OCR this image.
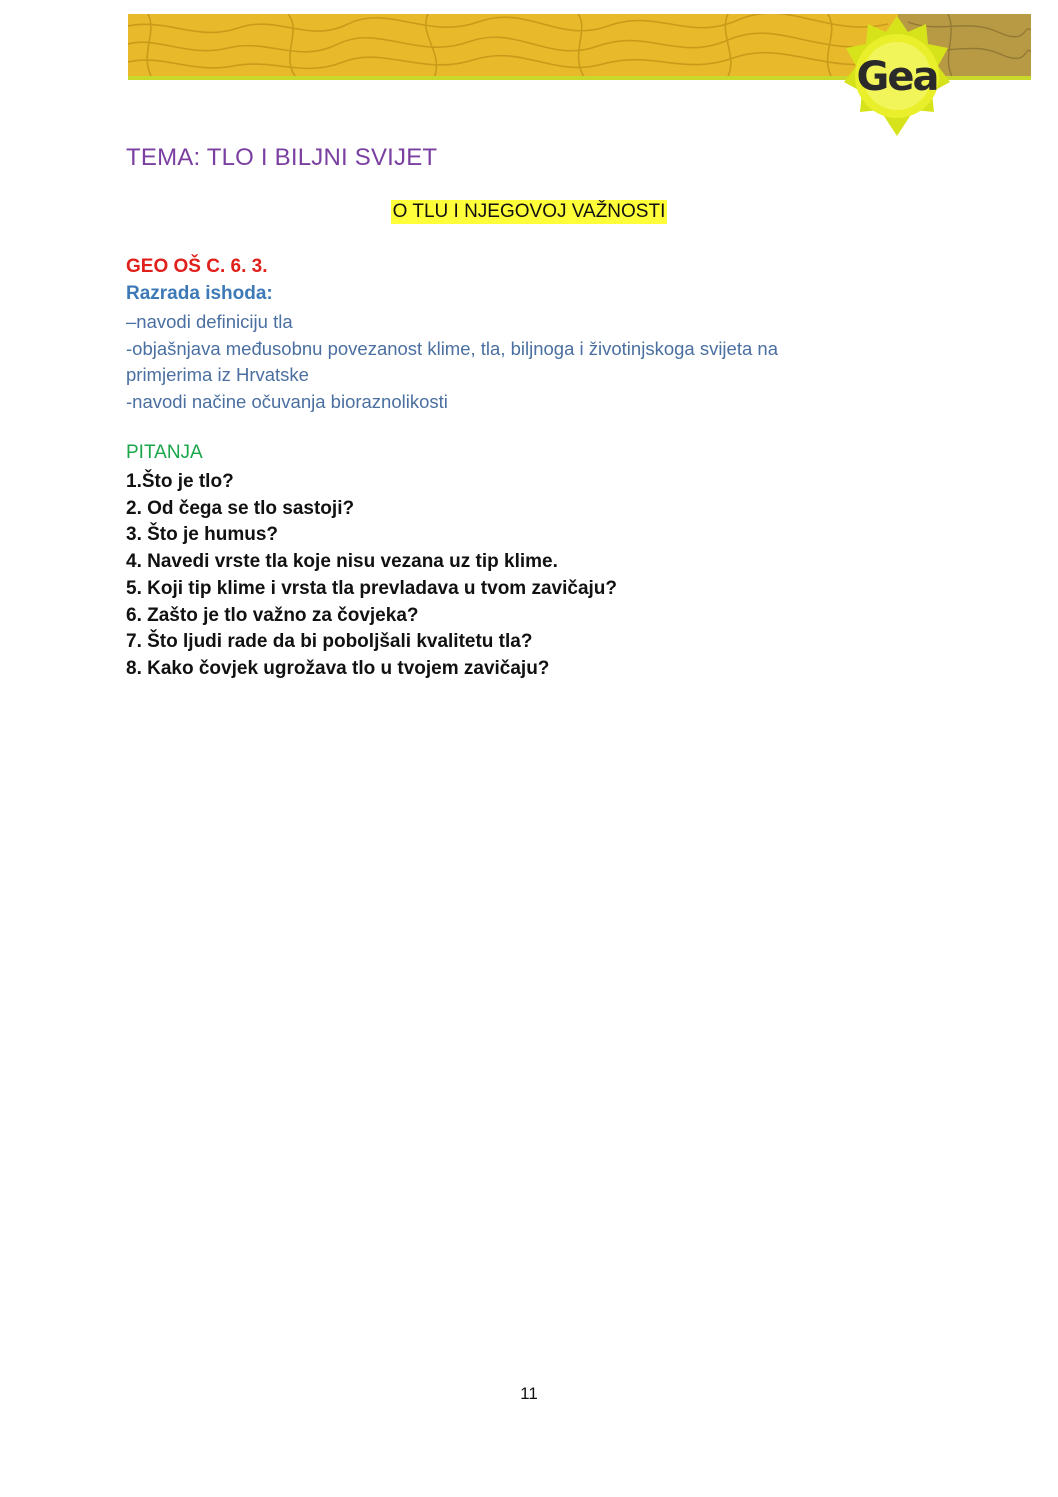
Gea
TEMA: TLO I BILJNI SVIJET
O TLU I NJEGOVOJ VAŽNOSTI
GEO OŠ C. 6. 3.
Razrada ishoda:
–navodi definiciju tla
-objašnjava međusobnu povezanost klime, tla, biljnoga i životinjskoga svijeta na
primjerima iz Hrvatske
-navodi načine očuvanja bioraznolikosti
PITANJA
1.Što je tlo?
2. Od čega se tlo sastoji?
3. Što je humus?
4. Navedi vrste tla koje nisu vezana uz tip klime.
5. Koji tip klime i vrsta tla prevladava u tvom zavičaju?
6. Zašto je tlo važno za čovjeka?
7. Što ljudi rade da bi poboljšali kvalitetu tla?
8. Kako čovjek ugrožava tlo u tvojem zavičaju?
11
